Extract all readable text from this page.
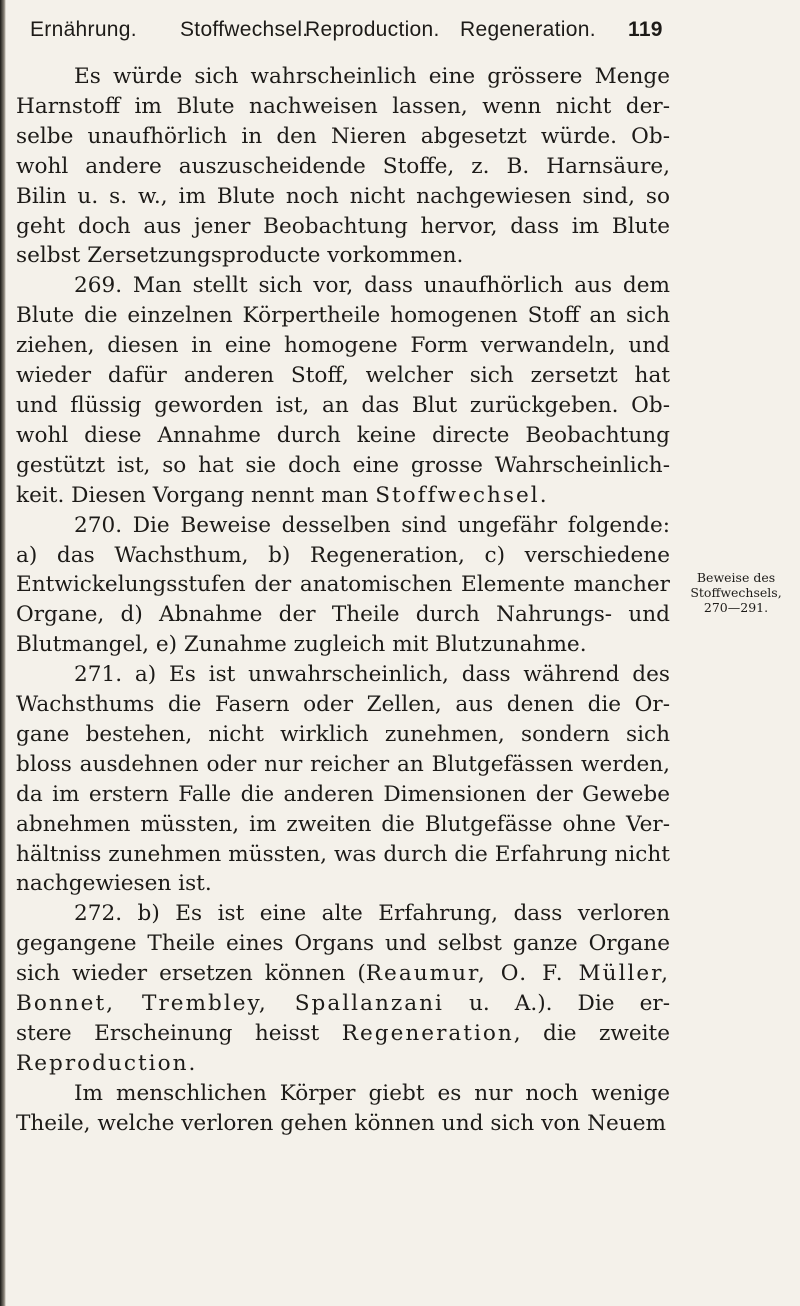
Ernährung. Stoffwechsel.
Reproduction. Regeneration. 119

Es würde sich wahrscheinlich eine grössere Menge

Harnstoff im Blute nachweisen lassen, wenn nicht der-

selbe unaufhörlich in den Nieren abgesetzt würde. Ob-

wohl andere auszuscheidende Stoffe, z. B. Harnsäure,

Bilin u. s. w., im Blute noch nicht nachgewiesen sind, so

geht doch aus jener Beobachtung hervor, dass im Blute

selbst Zersetzungsproducte vorkommen.

269. Man stellt sich vor, dass unaufhörlich aus dem

Blute die einzelnen Körpertheile homogenen Stoff an sich

ziehen, diesen in eine homogene Form verwandeln, und

wieder dafür anderen Stoff, welcher sich zersetzt hat

und flüssig geworden ist, an das Blut zurückgeben. Ob-

wohl diese Annahme durch keine directe Beobachtung

gestützt ist, so hat sie doch eine grosse Wahrscheinlich-

keit. Diesen Vorgang nennt man Stoffwechsel.

270. Die Beweise desselben sind ungefähr folgende:

a) das Wachsthum, b) Regeneration, c) verschiedene

Entwickelungsstufen der anatomischen Elemente mancher

Organe, d) Abnahme der Theile durch Nahrungs- und

Blutmangel, e) Zunahme zugleich mit Blutzunahme.

271. a) Es ist unwahrscheinlich, dass während des

Wachsthums die Fasern oder Zellen, aus denen die Or-

gane bestehen, nicht wirklich zunehmen, sondern sich

bloss ausdehnen oder nur reicher an Blutgefässen werden,

da im erstern Falle die anderen Dimensionen der Gewebe

abnehmen müssten, im zweiten die Blutgefässe ohne Ver-

hältniss zunehmen müssten, was durch die Erfahrung nicht

nachgewiesen ist.

272. b) Es ist eine alte Erfahrung, dass verloren

gegangene Theile eines Organs und selbst ganze Organe

sich wieder ersetzen können (Reaumur, O. F. Müller,

Bonnet, Trembley, Spallanzani u. A.). Die er-

stere Erscheinung heisst Regeneration, die zweite

Reproduction.

Im menschlichen Körper giebt es nur noch wenige

Theile, welche verloren gehen können und sich von Neuem

Beweise des
Stoffwechsels,
270—291.
